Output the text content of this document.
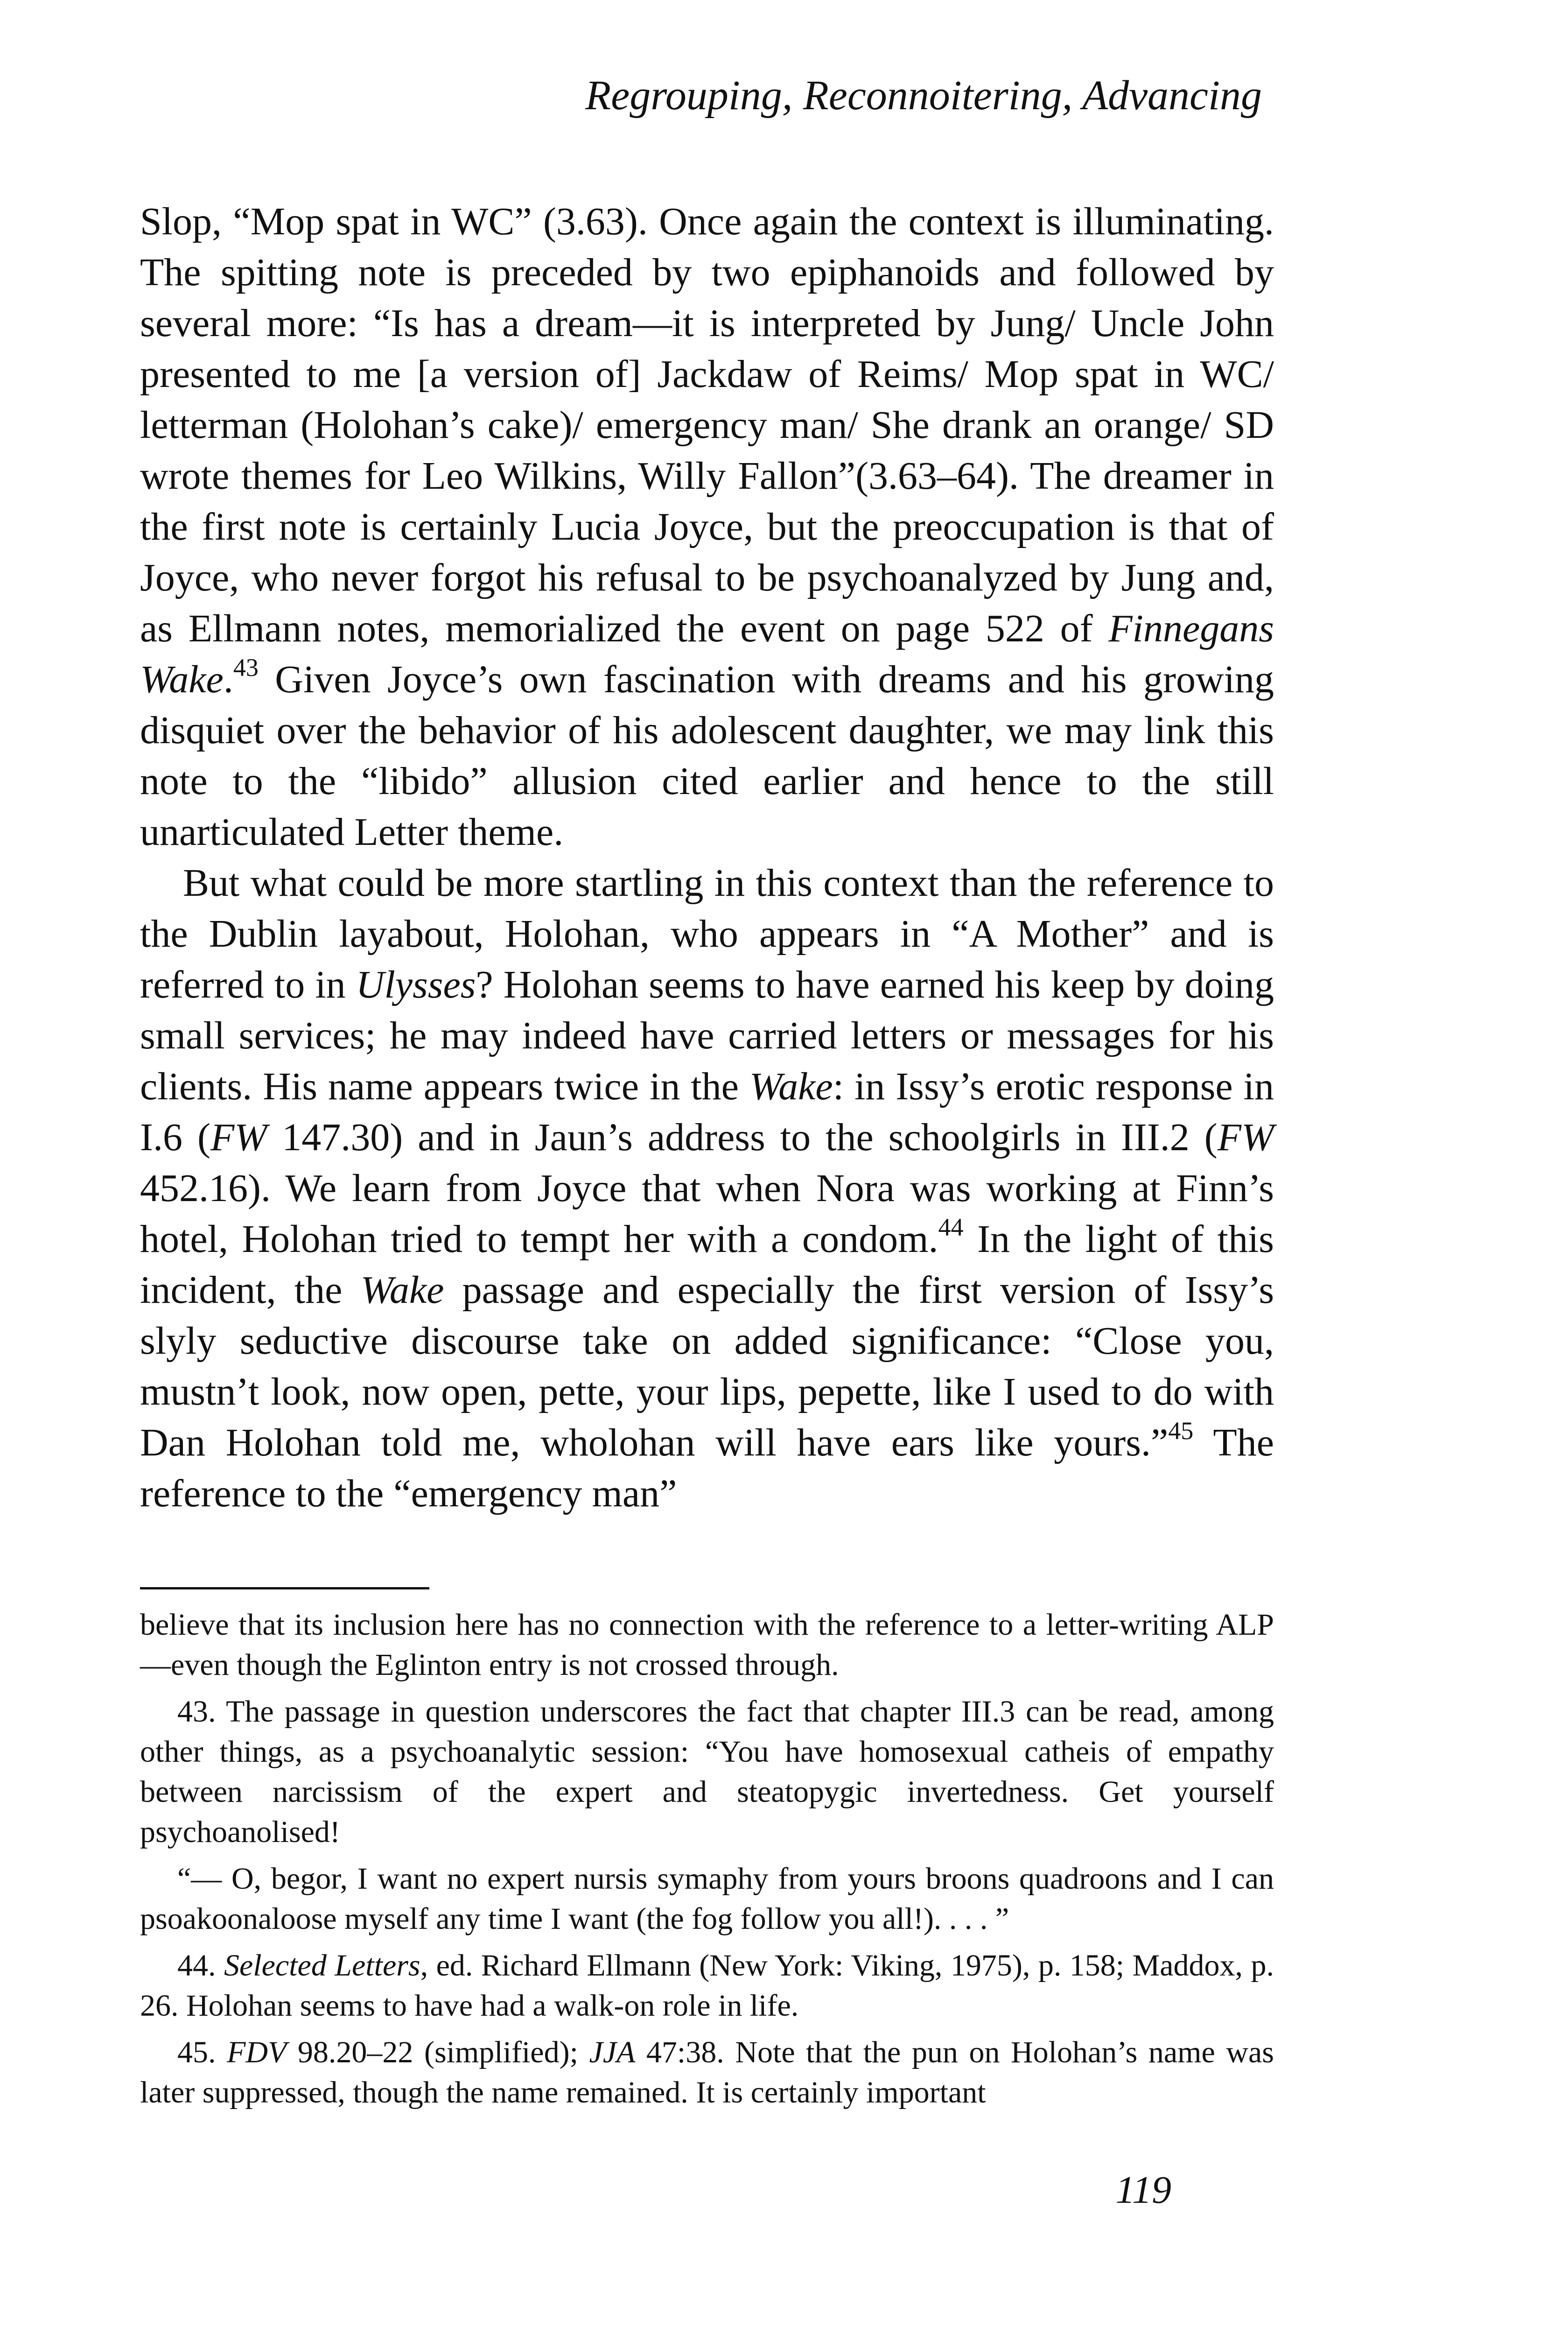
Regrouping, Reconnoitering, Advancing

Slop, “Mop spat in WC” (3.63). Once again the context is illuminating. The spitting note is preceded by two epiphanoids and followed by several more: “Is has a dream—it is interpreted by Jung/ Uncle John presented to me [a version of] Jackdaw of Reims/ Mop spat in WC/ letterman (Holohan’s cake)/ emergency man/ She drank an orange/ SD wrote themes for Leo Wilkins, Willy Fallon”(3.63–64). The dreamer in the first note is certainly Lucia Joyce, but the preoccupation is that of Joyce, who never forgot his refusal to be psychoanalyzed by Jung and, as Ellmann notes, memorialized the event on page 522 of Finnegans Wake.$^{43}$ Given Joyce’s own fascination with dreams and his growing disquiet over the behavior of his adolescent daughter, we may link this note to the “libido” allusion cited earlier and hence to the still unarticulated Letter theme.

But what could be more startling in this context than the reference to the Dublin layabout, Holohan, who appears in “A Mother” and is referred to in Ulysses? Holohan seems to have earned his keep by doing small services; he may indeed have carried letters or messages for his clients. His name appears twice in the Wake: in Issy’s erotic response in I.6 (FW 147.30) and in Jaun’s address to the schoolgirls in III.2 (FW 452.16). We learn from Joyce that when Nora was working at Finn’s hotel, Holohan tried to tempt her with a condom.$^{44}$ In the light of this incident, the Wake passage and especially the first version of Issy’s slyly seductive discourse take on added significance: “Close you, mustn’t look, now open, pette, your lips, pepette, like I used to do with Dan Holohan told me, wholohan will have ears like yours.”$^{45}$ The reference to the “emergency man”

believe that its inclusion here has no connection with the reference to a letter-writing ALP—even though the Eglinton entry is not crossed through.

43. The passage in question underscores the fact that chapter III.3 can be read, among other things, as a psychoanalytic session: “You have homosexual catheis of empathy between narcissism of the expert and steatopygic invertedness. Get yourself psychoanolised!

“— O, begor, I want no expert nursis symaphy from yours broons quadroons and I can psoakoonaloose myself any time I want (the fog follow you all!). . . . ”

44. Selected Letters, ed. Richard Ellmann (New York: Viking, 1975), p. 158; Maddox, p. 26. Holohan seems to have had a walk-on role in life.

45. FDV 98.20–22 (simplified); JJA 47:38. Note that the pun on Holohan’s name was later suppressed, though the name remained. It is certainly important

119
